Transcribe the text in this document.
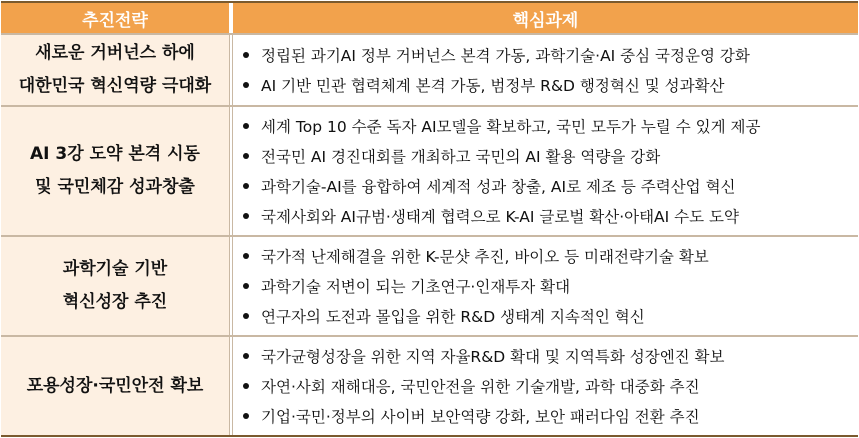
추진전략	핵심과제
새로운 거버넌스 하에
대한민국 혁신역량 극대화
정립된 과기AI 정부 거버넌스 본격 가동, 과학기술·AI 중심 국정운영 강화
AI 기반 민관 협력체계 본격 가동, 범정부 R&D 행정혁신 및 성과확산
AI 3강 도약 본격 시동
및 국민체감 성과창출
세계 Top 10 수준 독자 AI모델을 확보하고, 국민 모두가 누릴 수 있게 제공
전국민 AI 경진대회를 개최하고 국민의 AI 활용 역량을 강화
과학기술-AI를 융합하여 세계적 성과 창출, AI로 제조 등 주력산업 혁신
국제사회와 AI규범·생태계 협력으로 K-AI 글로벌 확산·아태AI 수도 도약
과학기술 기반
혁신성장 추진
국가적 난제해결을 위한 K-문샷 추진, 바이오 등 미래전략기술 확보
과학기술 저변이 되는 기초연구·인재투자 확대
연구자의 도전과 몰입을 위한 R&D 생태계 지속적인 혁신
포용성장·국민안전 확보
국가균형성장을 위한 지역 자율R&D 확대 및 지역특화 성장엔진 확보
자연·사회 재해대응, 국민안전을 위한 기술개발, 과학 대중화 추진
기업·국민·정부의 사이버 보안역량 강화, 보안 패러다임 전환 추진
